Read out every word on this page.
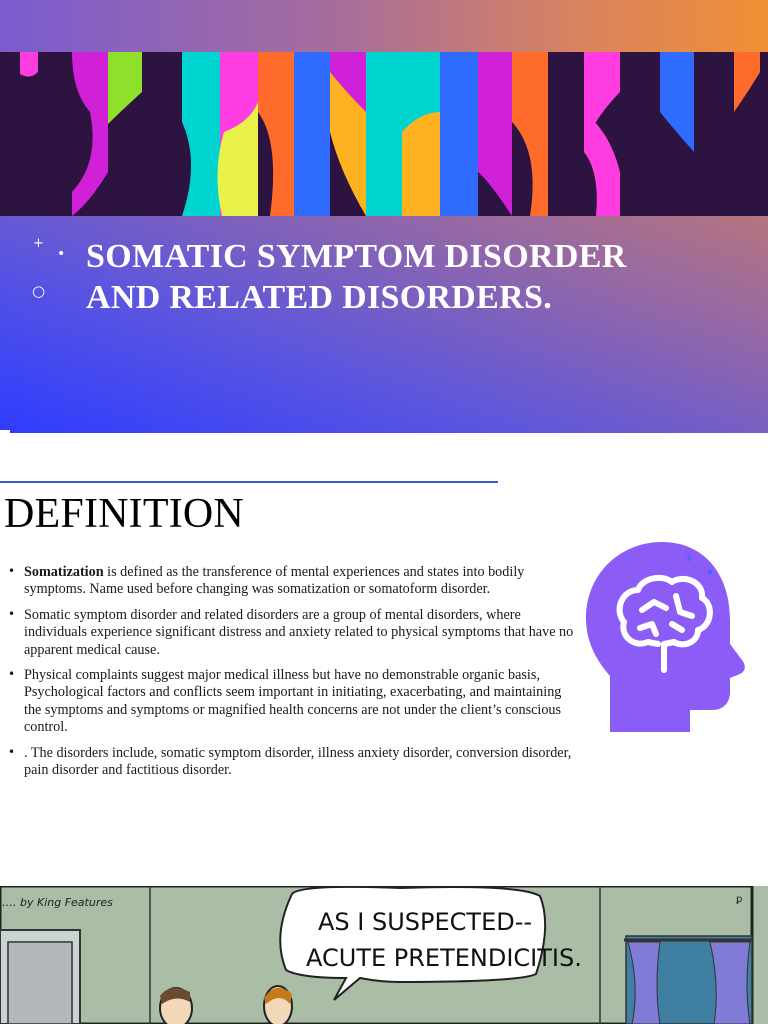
+
•
○
SOMATIC SYMPTOM DISORDER
AND RELATED DISORDERS.
DEFINITION
• Somatization is defined as the transference of mental experiences and states into bodily symptoms. Name used before changing was somatization or somatoform disorder.
• Somatic symptom disorder and related disorders are a group of mental disorders, where individuals experience significant distress and anxiety related to physical symptoms that have no apparent medical cause.
• Physical complaints suggest major medical illness but have no demonstrable organic basis, Psychological factors and conflicts seem important in initiating, exacerbating, and maintaining the symptoms and symptoms or magnified health concerns are not under the client’s conscious control.
• . The disorders include, somatic symptom disorder, illness anxiety disorder, conversion disorder, pain disorder and factitious disorder.
+
AS I SUSPECTED--
ACUTE PRETENDICITIS.
…. by King Features	ꝑ
